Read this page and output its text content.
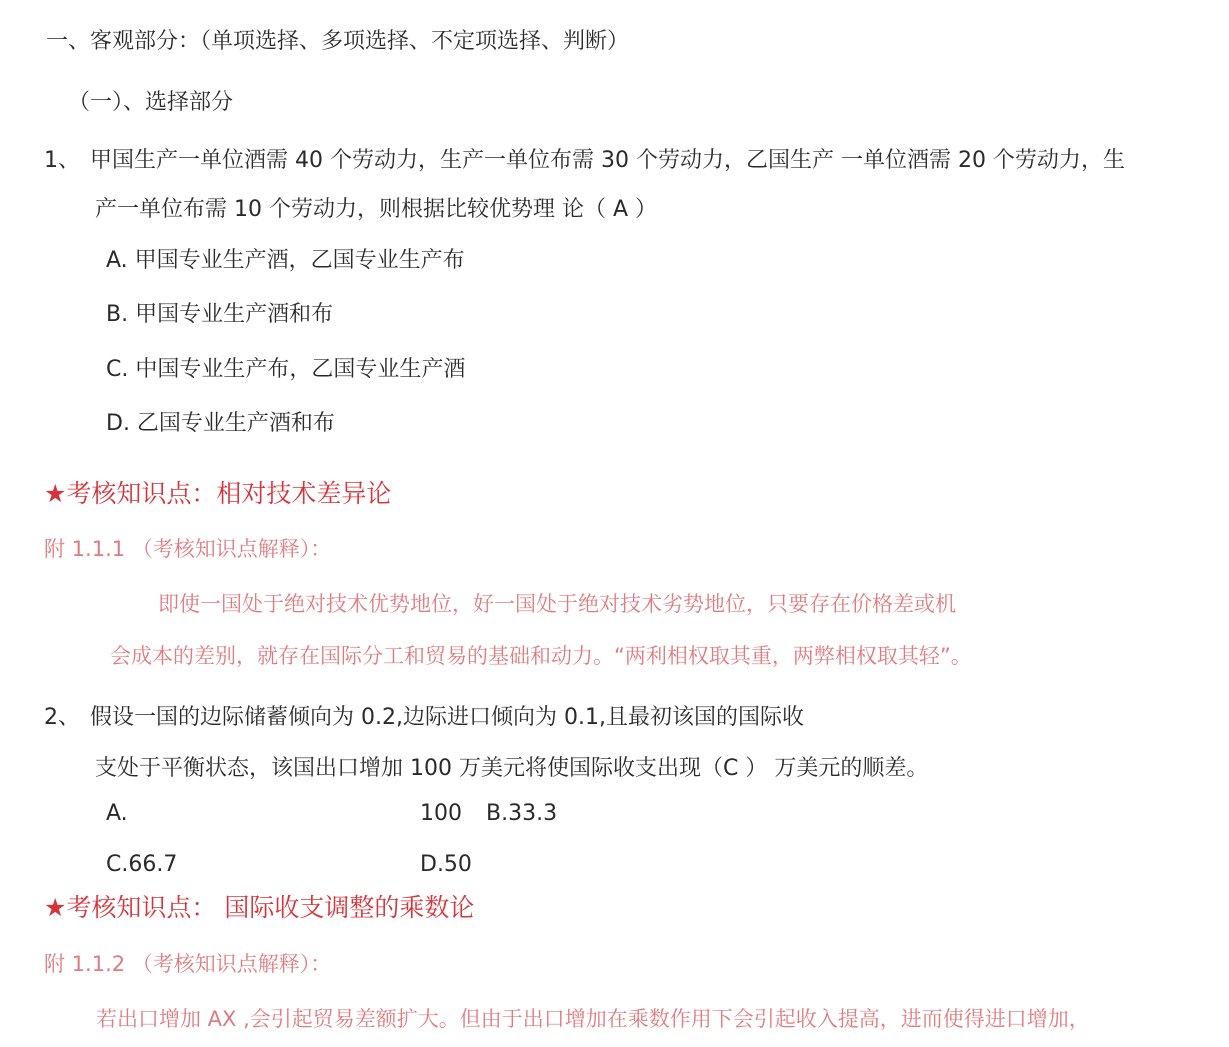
一、客观部分：（单项选择、多项选择、不定项选择、判断）
（一）、选择部分
1、 甲国生产一单位酒需 40 个劳动力，生产一单位布需 30 个劳动力，乙国生产 一单位酒需 20 个劳动力，生
产一单位布需 10 个劳动力，则根据比较优势理 论（ A ）
A. 甲国专业生产酒，乙国专业生产布
B. 甲国专业生产酒和布
C. 中国专业生产布，乙国专业生产酒
D. 乙国专业生产酒和布
★考核知识点：相对技术差异论
附 1.1.1 （考核知识点解释）：
即使一国处于绝对技术优势地位，好一国处于绝对技术劣势地位，只要存在价格差或机
会成本的差别，就存在国际分工和贸易的基础和动力。“两利相权取其重，两弊相权取其轻”。
2、 假设一国的边际储蓄倾向为 0.2,边际进口倾向为 0.1,且最初该国的国际收
支处于平衡状态，该国出口增加 100 万美元将使国际收支出现（C ） 万美元的顺差。
A.	100 B.33.3
C.66.7	D.50
★考核知识点： 国际收支调整的乘数论
附 1.1.2 （考核知识点解释）：
若出口增加 AX ,会引起贸易差额扩大。但由于出口增加在乘数作用下会引起收入提高，进而使得进口增加，
